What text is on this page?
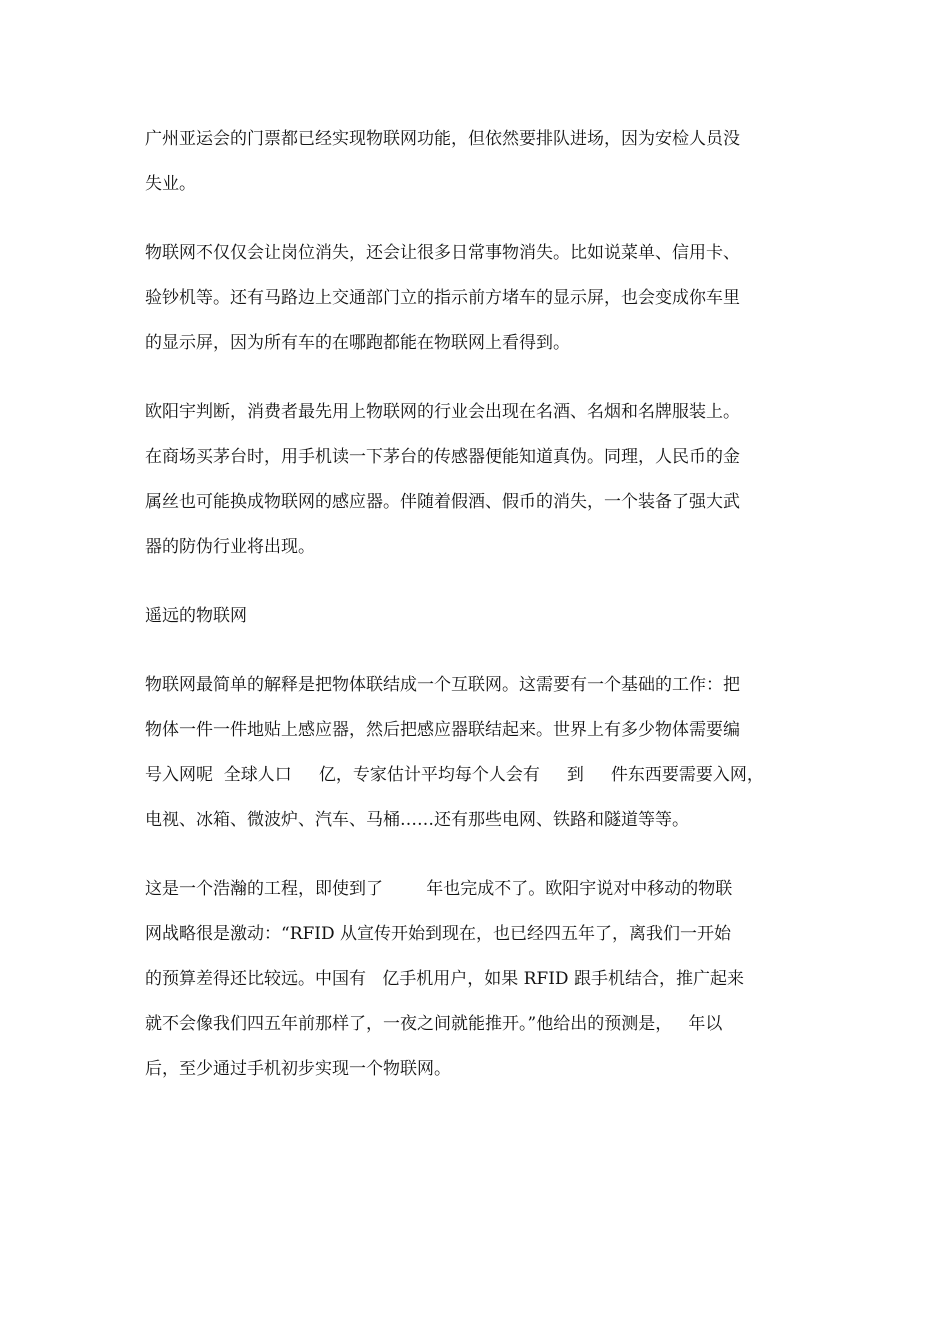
广州亚运会的门票都已经实现物联网功能，但依然要排队进场，因为安检人员没
失业。

物联网不仅仅会让岗位消失，还会让很多日常事物消失。比如说菜单、信用卡、
验钞机等。还有马路边上交通部门立的指示前方堵车的显示屏，也会变成你车里
的显示屏，因为所有车的在哪跑都能在物联网上看得到。

欧阳宇判断，消费者最先用上物联网的行业会出现在名酒、名烟和名牌服装上。
在商场买茅台时，用手机读一下茅台的传感器便能知道真伪。同理，人民币的金
属丝也可能换成物联网的感应器。伴随着假酒、假币的消失，一个装备了强大武
器的防伪行业将出现。

遥远的物联网

物联网最简单的解释是把物体联结成一个互联网。这需要有一个基础的工作：把
物体一件一件地贴上感应器，然后把感应器联结起来。世界上有多少物体需要编
号入网呢  全球人口     亿，专家估计平均每个人会有     到     件东西要需要入网，
电视、冰箱、微波炉、汽车、马桶……还有那些电网、铁路和隧道等等。

这是一个浩瀚的工程，即使到了        年也完成不了。欧阳宇说对中移动的物联
网战略很是激动：“RFID 从宣传开始到现在，也已经四五年了，离我们一开始
的预算差得还比较远。中国有   亿手机用户，如果 RFID 跟手机结合，推广起来
就不会像我们四五年前那样了，一夜之间就能推开。”他给出的预测是，   年以
后，至少通过手机初步实现一个物联网。
